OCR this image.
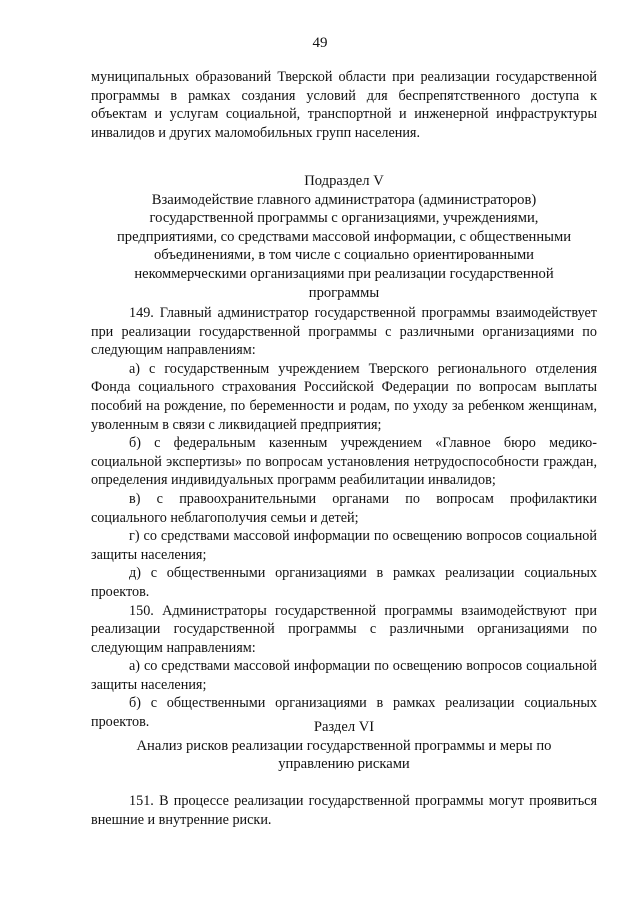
49

муниципальных образований Тверской области при реализации государственной программы в рамках создания условий для беспрепятственного доступа к объектам и услугам социальной, транспортной и инженерной инфраструктуры инвалидов и других маломобильных групп населения.

Подраздел V

Взаимодействие главного администратора (администраторов) государственной программы с организациями, учреждениями, предприятиями, со средствами массовой информации, с общественными объединениями, в том числе с социально ориентированными некоммерческими организациями при реализации государственной программы

149. Главный администратор государственной программы взаимодействует при реализации государственной программы с различными организациями по следующим направлениям:

а) с государственным учреждением Тверского регионального отделения Фонда социального страхования Российской Федерации по вопросам выплаты пособий на рождение, по беременности и родам, по уходу за ребенком женщинам, уволенным в связи с ликвидацией предприятия;

б) с федеральным казенным учреждением «Главное бюро медико-социальной экспертизы» по вопросам установления нетрудоспособности граждан, определения индивидуальных программ реабилитации инвалидов;

в) с правоохранительными органами по вопросам профилактики социального неблагополучия семьи и детей;

г) со средствами массовой информации по освещению вопросов социальной защиты населения;

д) с общественными организациями в рамках реализации социальных проектов.

150. Администраторы государственной программы взаимодействуют при реализации государственной программы с различными организациями по следующим направлениям:

а) со средствами массовой информации по освещению вопросов социальной защиты населения;

б) с общественными организациями в рамках реализации социальных проектов.	Раздел VI

Анализ рисков реализации государственной программы и меры по управлению рисками

151. В процессе реализации государственной программы могут проявиться внешние и внутренние риски.
